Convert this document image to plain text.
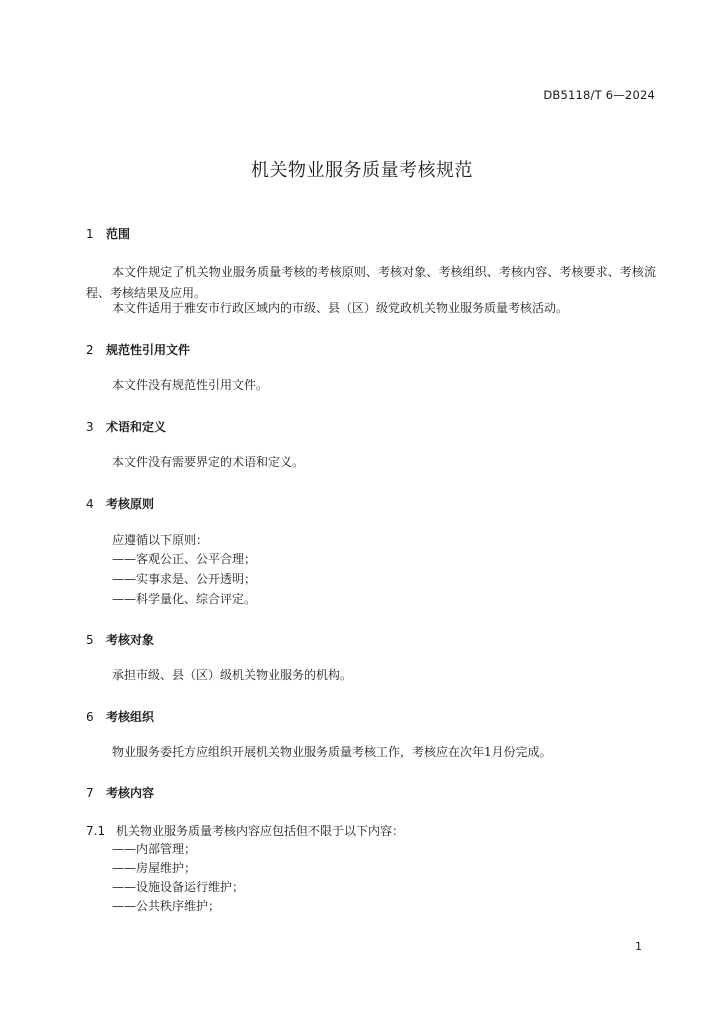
DB5118/T 6—2024
机关物业服务质量考核规范
1 范围
本文件规定了机关物业服务质量考核的考核原则、考核对象、考核组织、考核内容、考核要求、考核流程、考核结果及应用。
本文件适用于雅安市行政区域内的市级、县（区）级党政机关物业服务质量考核活动。
2 规范性引用文件
本文件没有规范性引用文件。
3 术语和定义
本文件没有需要界定的术语和定义。
4 考核原则
应遵循以下原则：
——客观公正、公平合理；
——实事求是、公开透明；
——科学量化、综合评定。
5 考核对象
承担市级、县（区）级机关物业服务的机构。
6 考核组织
物业服务委托方应组织开展机关物业服务质量考核工作，考核应在次年1月份完成。
7 考核内容
7.1 机关物业服务质量考核内容应包括但不限于以下内容：
——内部管理；
——房屋维护；
——设施设备运行维护；
——公共秩序维护；
1
